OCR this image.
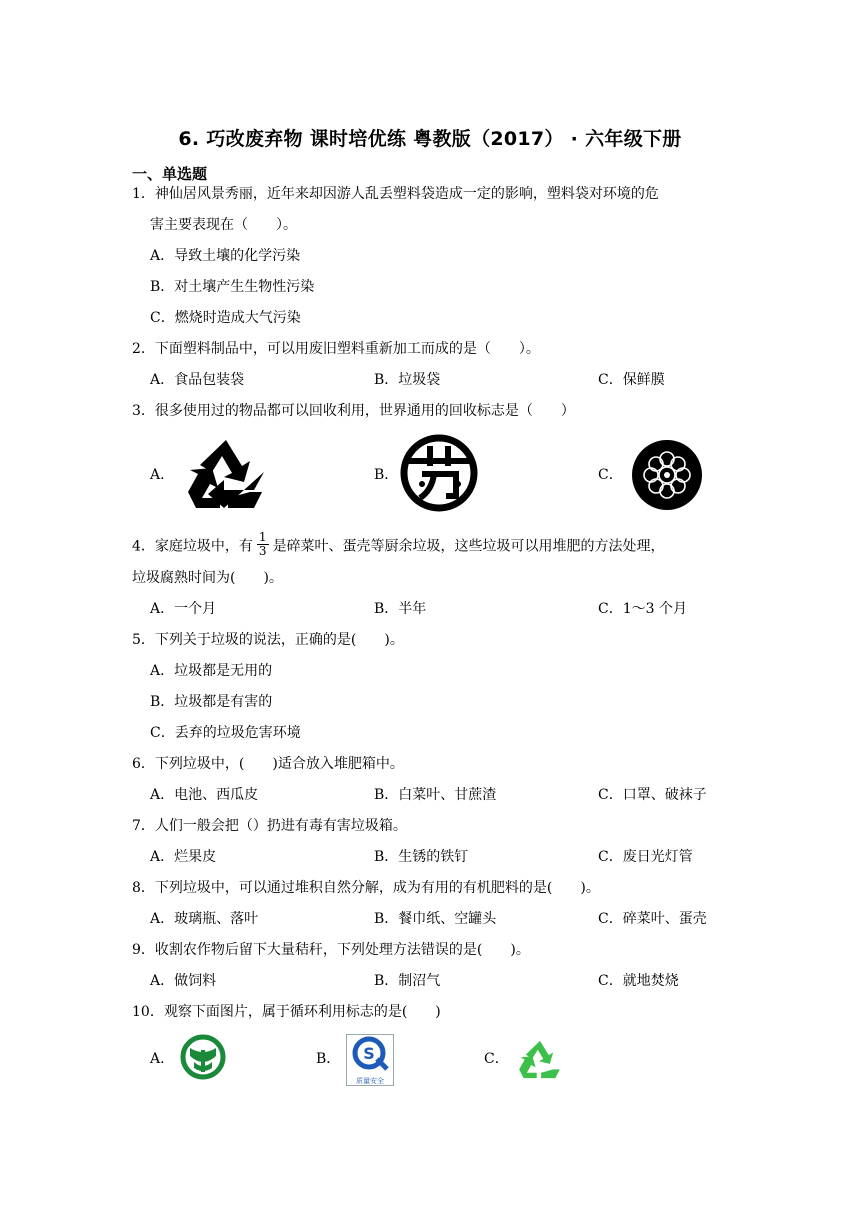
6. 巧改废弃物 课时培优练 粤教版（2017） · 六年级下册
一、单选题
1．神仙居风景秀丽，近年来却因游人乱丢塑料袋造成一定的影响，塑料袋对环境的危
害主要表现在（　　）。
A．导致土壤的化学污染
B．对土壤产生生物性污染
C．燃烧时造成大气污染
2．下面塑料制品中，可以用废旧塑料重新加工而成的是（　　）。
A．食品包装袋	B．垃圾袋	C．保鲜膜
3．很多使用过的物品都可以回收利用，世界通用的回收标志是（　　）
A．	B．	C．
4．家庭垃圾中，有 $\frac{1}{3}$ 是碎菜叶、蛋壳等厨余垃圾，这些垃圾可以用堆肥的方法处理，
垃圾腐熟时间为(　　)。
A．一个月	B．半年	C．1～3 个月
5．下列关于垃圾的说法，正确的是(　　)。
A．垃圾都是无用的
B．垃圾都是有害的
C．丢弃的垃圾危害环境
6．下列垃圾中，(　　)适合放入堆肥箱中。
A．电池、西瓜皮	B．白菜叶、甘蔗渣	C．口罩、破袜子
7．人们一般会把（）扔进有毒有害垃圾箱。
A．烂果皮	B．生锈的铁钉	C．废日光灯管
8．下列垃圾中，可以通过堆积自然分解，成为有用的有机肥料的是(　　)。
A．玻璃瓶、落叶	B．餐巾纸、空罐头	C．碎菜叶、蛋壳
9．收割农作物后留下大量秸秆，下列处理方法错误的是(　　)。
A．做饲料	B．制沼气	C．就地焚烧
10．观察下面图片，属于循环利用标志的是(　　)
A．	B．	C．
S
质量安全
